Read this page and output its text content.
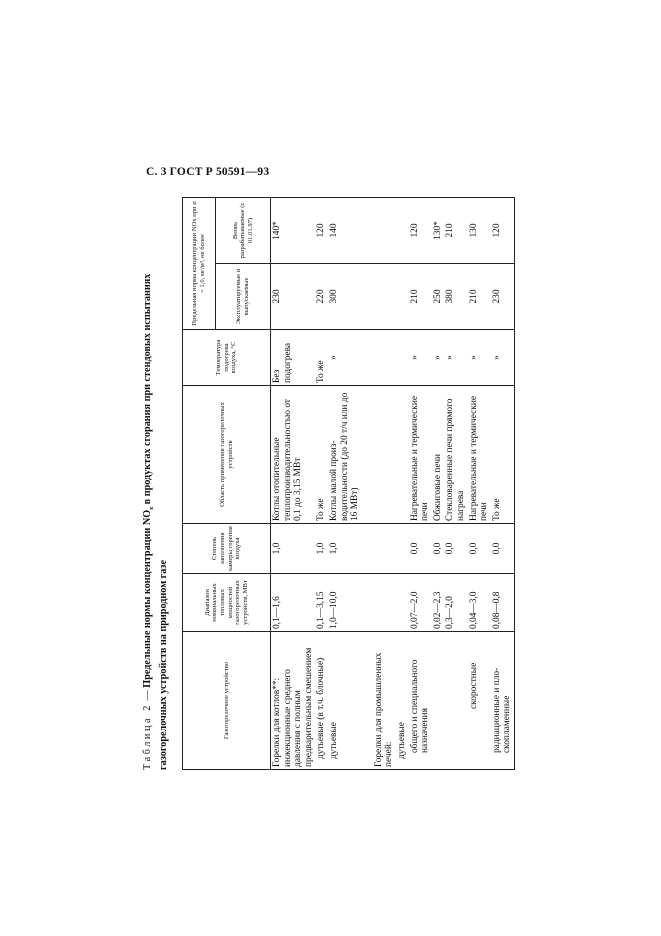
С. 3 ГОСТ Р 50591—93
Таблица 2 — Предельные нормы концентрации $NO_x$ в продуктах сгорания при стендовых испытаниях газогорелочных устройств на природном газе	Газогорелочное устройство	Диапазон номинальных тепловых мощностей газогорелочных устройств, МВт	Степень заполнения камеры горения воздуха	Область применения газогорелочных устройств	Температура подогрева воздуха, °С	Предельная норма концентрации NOx при α = 1,0, мг/м³, не более	
					Эксплуатируемые и выпускаемые	Вновь разрабатываемые (с 01.01.97)
Горелки для котлов**: инжекционные среднего давления с полным предварительным смешением	0,1—1,6	1,0	Котлы отопительные теплопроизводительностью от 0,1 до 3,15 МВт	Без подогрева	230	140*
дутьевые (в т.ч. блочные)	0,1—3,15	1,0	То же	То же	220	120
дутьевые	1,0—10,0	1,0	Котлы малой производительности (до 20 т/ч или до 16 МВт)	»	300	140
Горелки для промышленных печей:						
дутьевые						
общего и специального назначения	0,07—2,0	0,0	Нагревательные и термические печи	»	210	120
	0,02—2,3	0,0	Обжиговые печи	»	250	130*
	0,3—2,0	0,0	Стекловаренные печи прямого нагрева	»	380	210
скоростные	0,04—3,0	0,0	Нагревательные и термические печи	»	210	130
радиационные и плоскопламенные	0,08—0,8	0,0	То же	»	230	120
